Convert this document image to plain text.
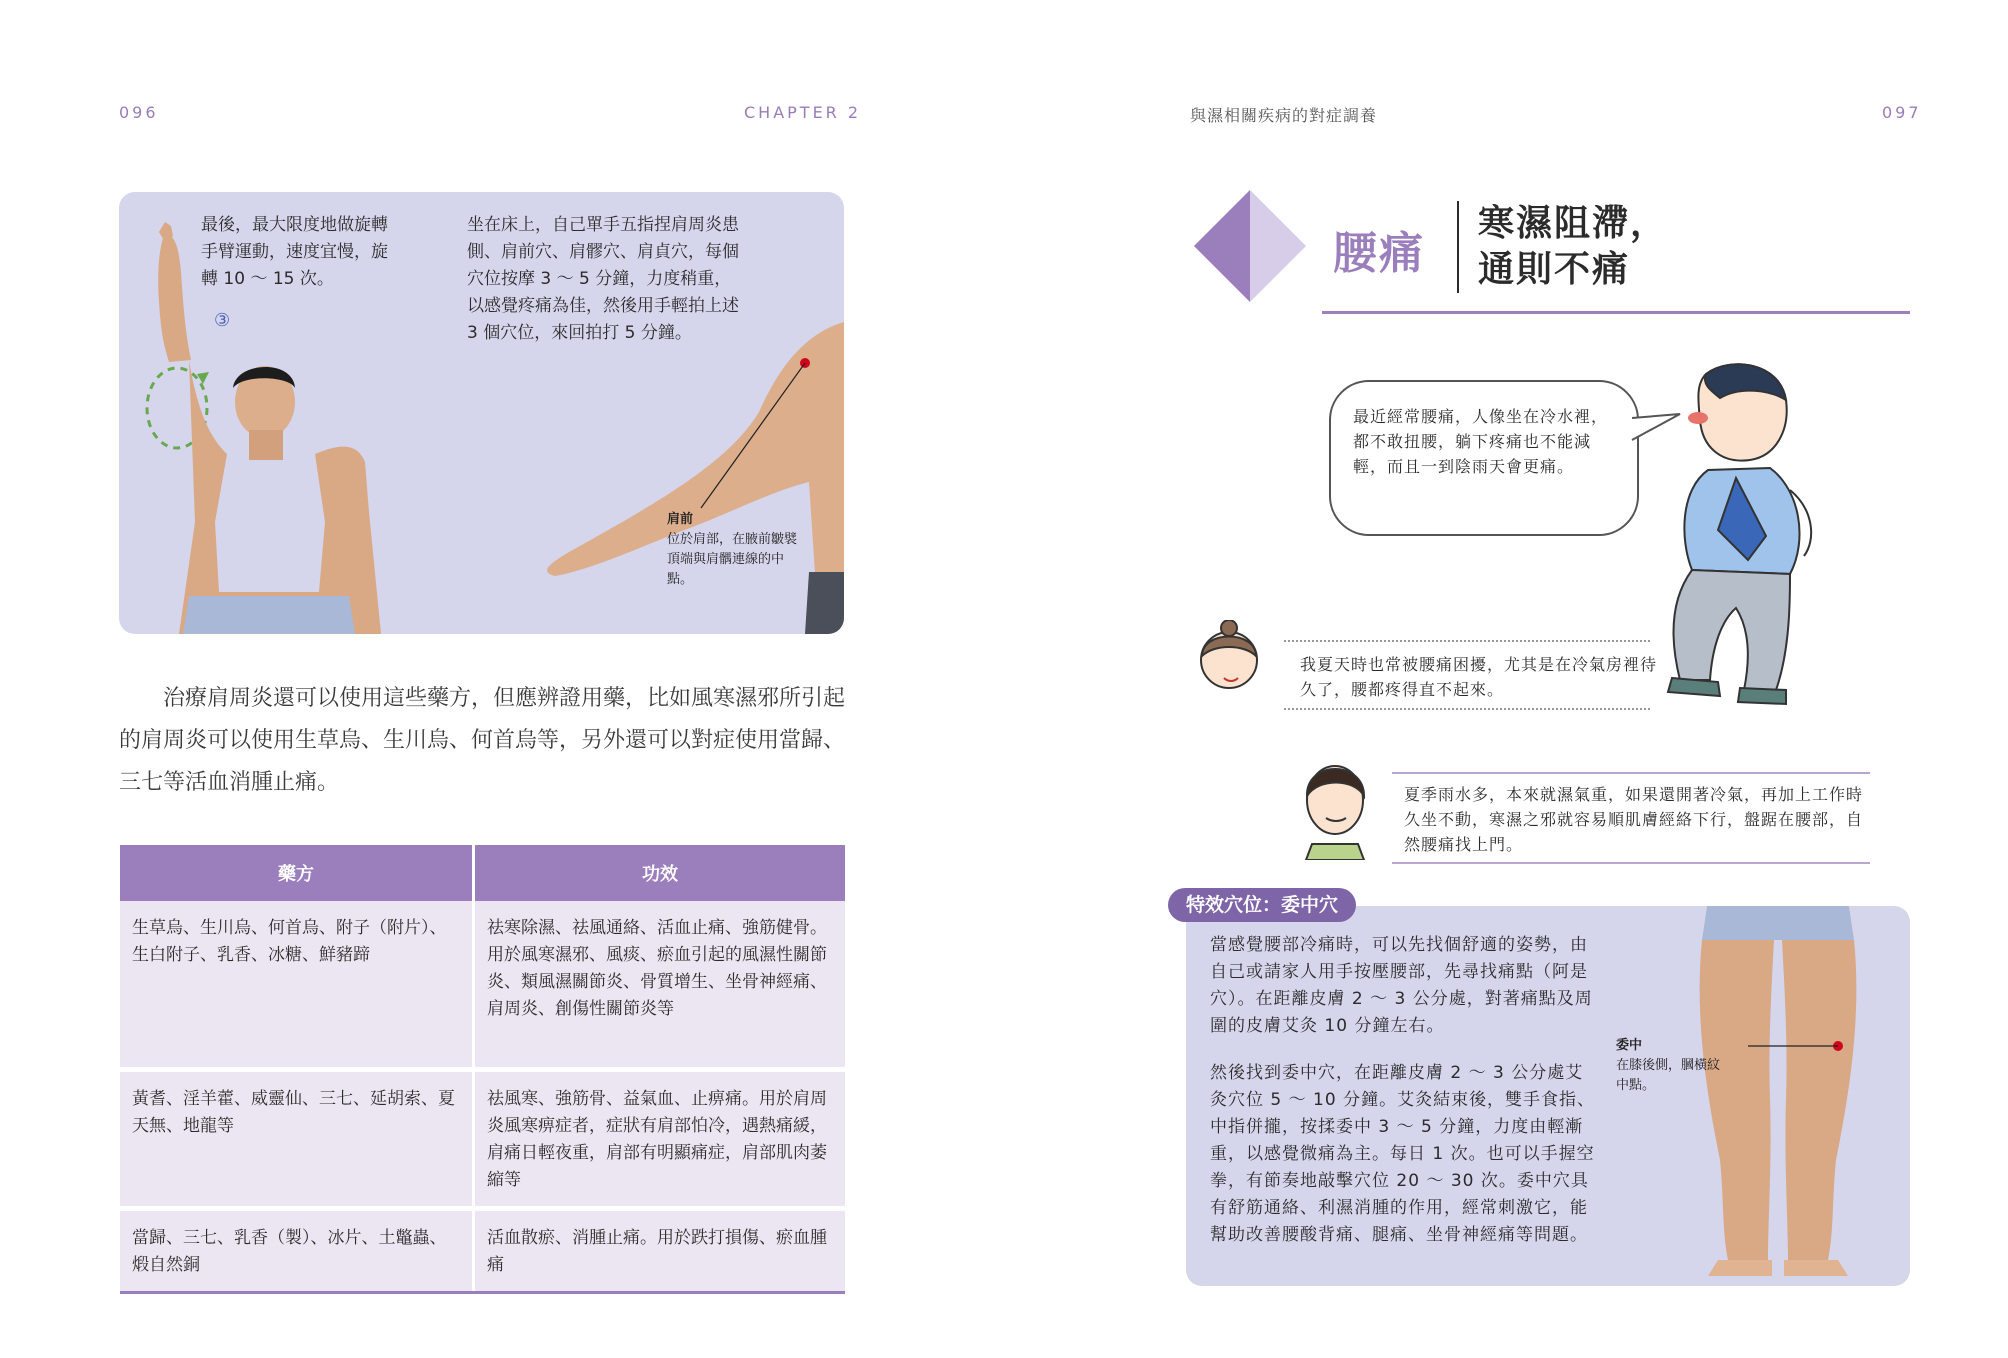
096	CHAPTER 2
最後，最大限度地做旋轉手臂運動，速度宜慢，旋轉 10 ～ 15 次。
③
坐在床上，自己單手五指捏肩周炎患側、肩前穴、肩髎穴、肩貞穴，每個穴位按摩 3 ～ 5 分鐘，力度稍重，以感覺疼痛為佳，然後用手輕拍上述 3 個穴位，來回拍打 5 分鐘。
肩前
位於肩部，在腋前皺襞頂端與肩髃連線的中點。
治療肩周炎還可以使用這些藥方，但應辨證用藥，比如風寒濕邪所引起的肩周炎可以使用生草烏、生川烏、何首烏等，另外還可以對症使用當歸、三七等活血消腫止痛。
藥方	功效
生草烏、生川烏、何首烏、附子（附片）、生白附子、乳香、冰糖、鮮豬蹄	祛寒除濕、祛風通絡、活血止痛、強筋健骨。用於風寒濕邪、風痰、瘀血引起的風濕性關節炎、類風濕關節炎、骨質增生、坐骨神經痛、肩周炎、創傷性關節炎等
黃耆、淫羊藿、威靈仙、三七、延胡索、夏天無、地龍等	祛風寒、強筋骨、益氣血、止痹痛。用於肩周炎風寒痹症者，症狀有肩部怕冷，遇熱痛緩，肩痛日輕夜重，肩部有明顯痛症，肩部肌肉萎縮等
當歸、三七、乳香（製）、冰片、土鼈蟲、煅自然銅	活血散瘀、消腫止痛。用於跌打損傷、瘀血腫痛
與濕相關疾病的對症調養	097
腰痛
寒濕阻滯，
通則不痛
最近經常腰痛，人像坐在冷水裡，都不敢扭腰，躺下疼痛也不能減輕，而且一到陰雨天會更痛。
我夏天時也常被腰痛困擾，尤其是在冷氣房裡待久了，腰都疼得直不起來。
夏季雨水多，本來就濕氣重，如果還開著冷氣，再加上工作時久坐不動，寒濕之邪就容易順肌膚經絡下行，盤踞在腰部，自然腰痛找上門。
當感覺腰部冷痛時，可以先找個舒適的姿勢，由自己或請家人用手按壓腰部，先尋找痛點（阿是穴）。在距離皮膚 2 ～ 3 公分處，對著痛點及周圍的皮膚艾灸 10 分鐘左右。
然後找到委中穴，在距離皮膚 2 ～ 3 公分處艾灸穴位 5 ～ 10 分鐘。艾灸結束後，雙手食指、中指併攏，按揉委中 3 ～ 5 分鐘，力度由輕漸重，以感覺微痛為主。每日 1 次。也可以手握空拳，有節奏地敲擊穴位 20 ～ 30 次。委中穴具有舒筋通絡、利濕消腫的作用，經常刺激它，能幫助改善腰酸背痛、腿痛、坐骨神經痛等問題。
委中
在膝後側，膕橫紋中點。
特效穴位：委中穴
